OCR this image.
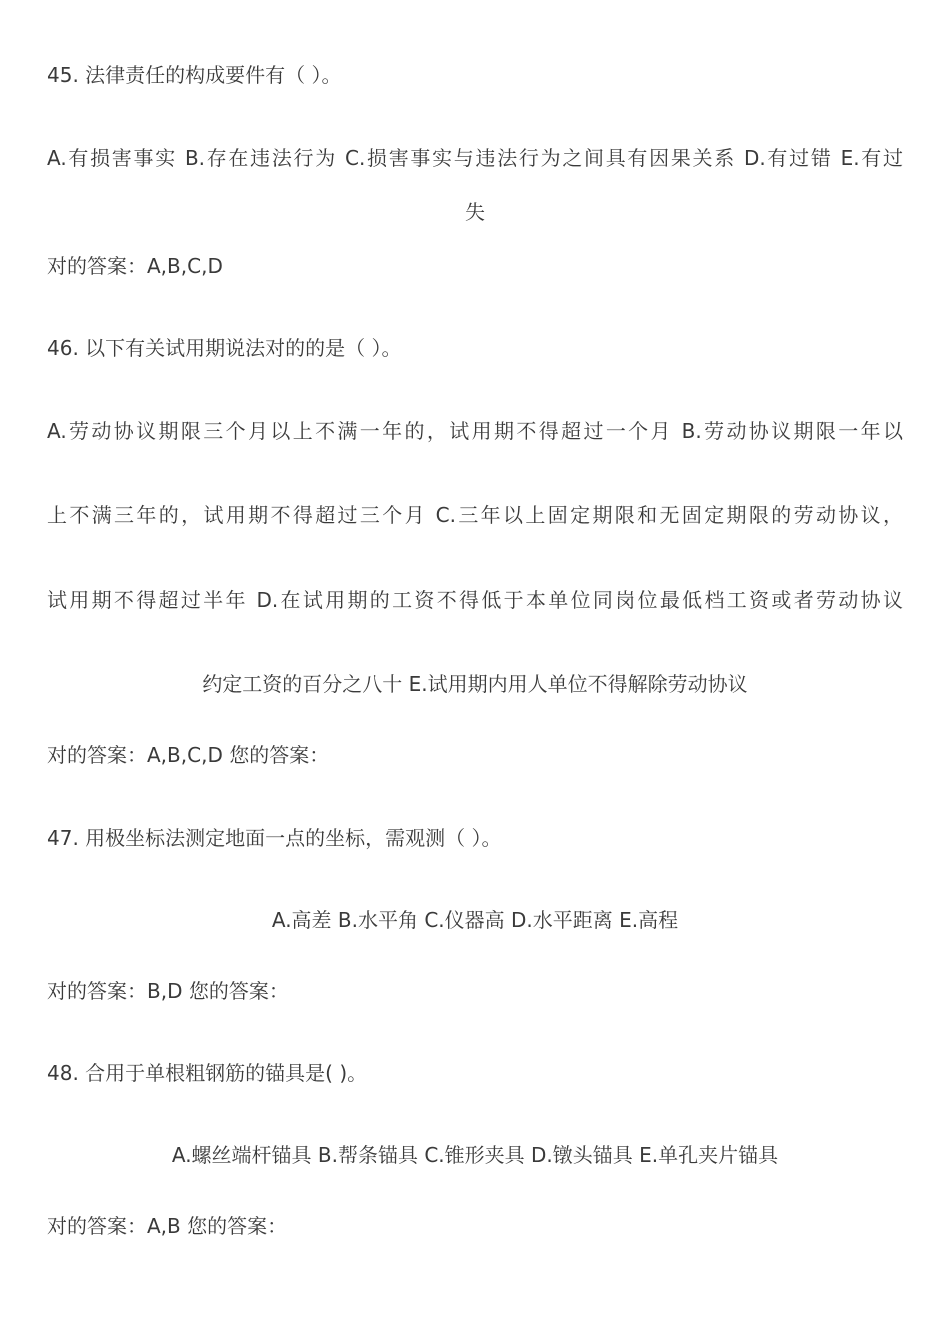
45. 法律责任的构成要件有（ ）。
A.有损害事实 B.存在违法行为 C.损害事实与违法行为之间具有因果关系 D.有过错 E.有过
失
对的答案：A,B,C,D
46. 以下有关试用期说法对的的是（ ）。
A.劳动协议期限三个月以上不满一年的，试用期不得超过一个月 B.劳动协议期限一年以
上不满三年的，试用期不得超过三个月 C.三年以上固定期限和无固定期限的劳动协议，
试用期不得超过半年 D.在试用期的工资不得低于本单位同岗位最低档工资或者劳动协议
约定工资的百分之八十 E.试用期内用人单位不得解除劳动协议
对的答案：A,B,C,D 您的答案：
47. 用极坐标法测定地面一点的坐标，需观测（ ）。
A.高差 B.水平角 C.仪器高 D.水平距离 E.高程
对的答案：B,D 您的答案：
48. 合用于单根粗钢筋的锚具是( )。
A.螺丝端杆锚具 B.帮条锚具 C.锥形夹具 D.镦头锚具 E.单孔夹片锚具
对的答案：A,B 您的答案：
